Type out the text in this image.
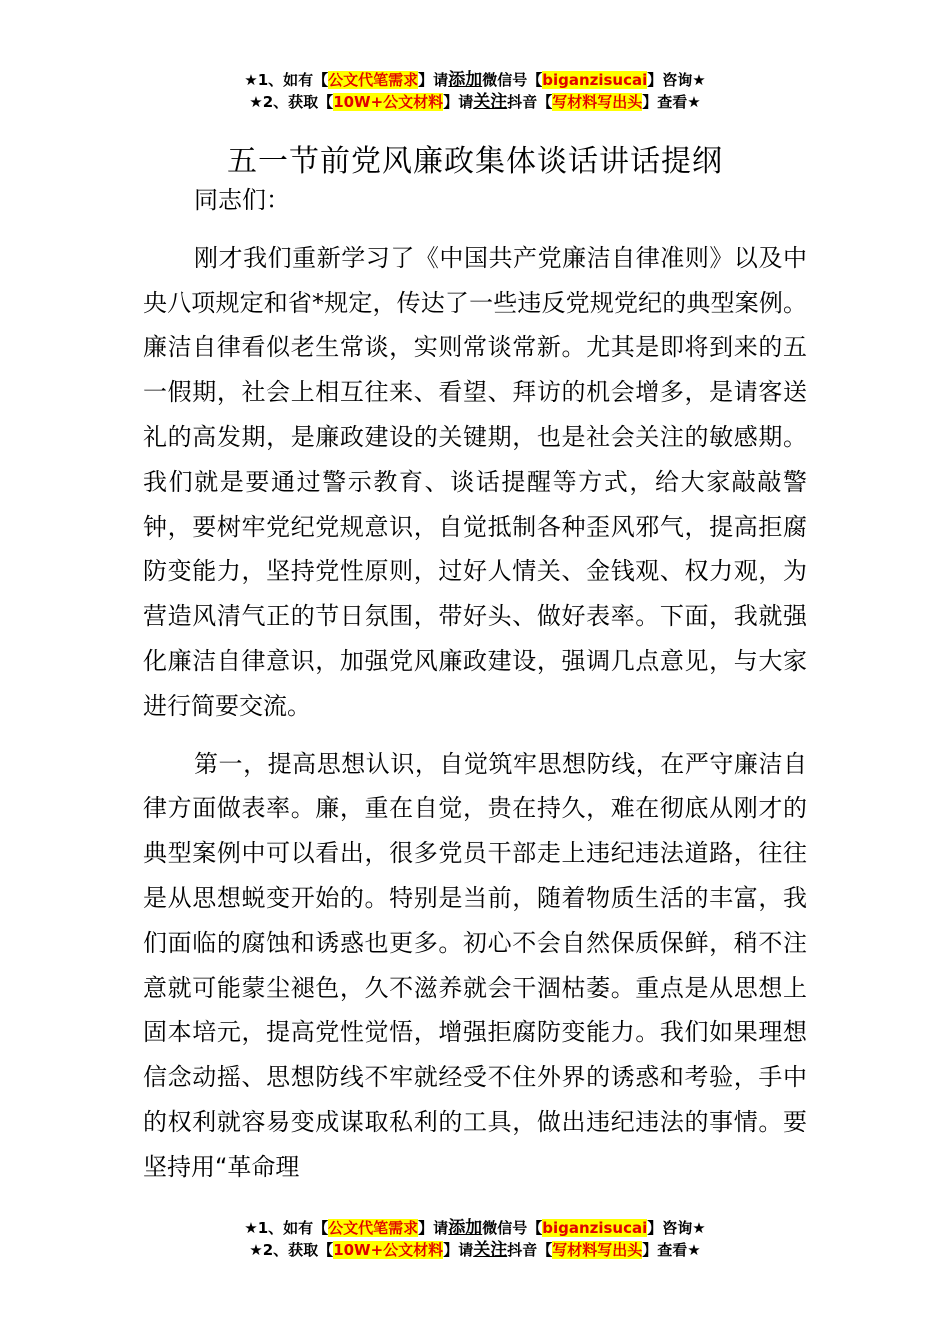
★1、如有【公文代笔需求】请添加微信号【biganzisucai】咨询★
★2、获取【10W+公文材料】请关注抖音【写材料写出头】查看★
五一节前党风廉政集体谈话讲话提纲

同志们：

刚才我们重新学习了《中国共产党廉洁自律准则》以及中央八项规定和省*规定，传达了一些违反党规党纪的典型案例。廉洁自律看似老生常谈，实则常谈常新。尤其是即将到来的五一假期，社会上相互往来、看望、拜访的机会增多，是请客送礼的高发期，是廉政建设的关键期，也是社会关注的敏感期。我们就是要通过警示教育、谈话提醒等方式，给大家敲敲警钟，要树牢党纪党规意识，自觉抵制各种歪风邪气，提高拒腐防变能力，坚持党性原则，过好人情关、金钱观、权力观，为营造风清气正的节日氛围，带好头、做好表率。下面，我就强化廉洁自律意识，加强党风廉政建设，强调几点意见，与大家进行简要交流。

第一，提高思想认识，自觉筑牢思想防线，在严守廉洁自律方面做表率。廉，重在自觉，贵在持久，难在彻底从刚才的典型案例中可以看出，很多党员干部走上违纪违法道路，往往是从思想蜕变开始的。特别是当前，随着物质生活的丰富，我们面临的腐蚀和诱惑也更多。初心不会自然保质保鲜，稍不注意就可能蒙尘褪色，久不滋养就会干涸枯萎。重点是从思想上固本培元，提高党性觉悟，增强拒腐防变能力。我们如果理想信念动摇、思想防线不牢就经受不住外界的诱惑和考验，手中的权利就容易变成谋取私利的工具，做出违纪违法的事情。要坚持用“革命理

★1、如有【公文代笔需求】请添加微信号【biganzisucai】咨询★
★2、获取【10W+公文材料】请关注抖音【写材料写出头】查看★
